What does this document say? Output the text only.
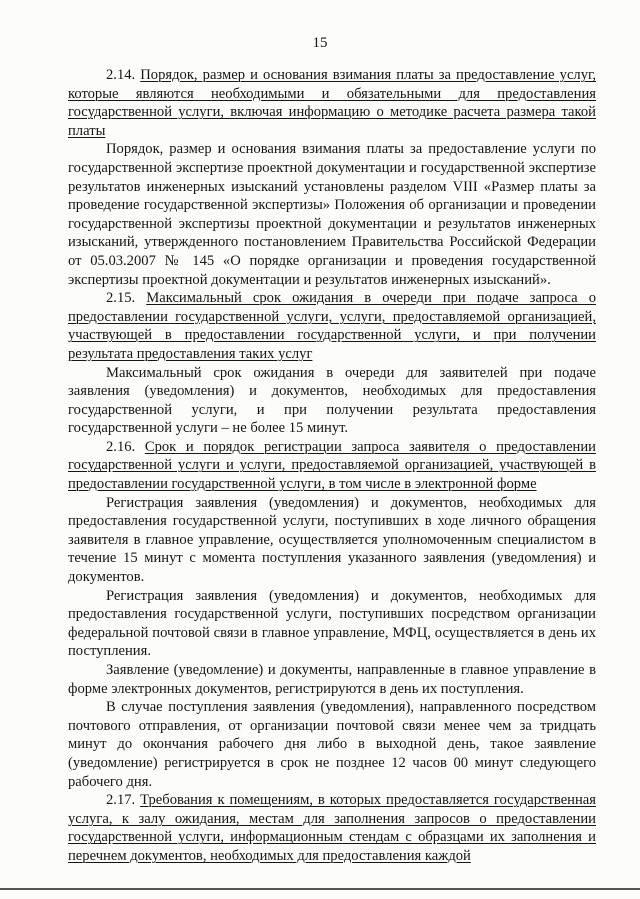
15

2.14. Порядок, размер и основания взимания платы за предоставление услуг, которые являются необходимыми и обязательными для предоставления государственной услуги, включая информацию о методике расчета размера такой платы

Порядок, размер и основания взимания платы за предоставление услуги по государственной экспертизе проектной документации и государственной экспертизе результатов инженерных изысканий установлены разделом VIII «Размер платы за проведение государственной экспертизы» Положения об организации и проведении государственной экспертизы проектной документации и результатов инженерных изысканий, утвержденного постановлением Правительства Российской Федерации от 05.03.2007 № 145 «О порядке организации и проведения государственной экспертизы проектной документации и результатов инженерных изысканий».

2.15. Максимальный срок ожидания в очереди при подаче запроса о предоставлении государственной услуги, услуги, предоставляемой организацией, участвующей в предоставлении государственной услуги, и при получении результата предоставления таких услуг

Максимальный срок ожидания в очереди для заявителей при подаче заявления (уведомления) и документов, необходимых для предоставления государственной услуги, и при получении результата предоставления государственной услуги – не более 15 минут.

2.16. Срок и порядок регистрации запроса заявителя о предоставлении государственной услуги и услуги, предоставляемой организацией, участвующей в предоставлении государственной услуги, в том числе в электронной форме

Регистрация заявления (уведомления) и документов, необходимых для предоставления государственной услуги, поступивших в ходе личного обращения заявителя в главное управление, осуществляется уполномоченным специалистом в течение 15 минут с момента поступления указанного заявления (уведомления) и документов.

Регистрация заявления (уведомления) и документов, необходимых для предоставления государственной услуги, поступивших посредством организации федеральной почтовой связи в главное управление, МФЦ, осуществляется в день их поступления.

Заявление (уведомление) и документы, направленные в главное управление в форме электронных документов, регистрируются в день их поступления.

В случае поступления заявления (уведомления), направленного посредством почтового отправления, от организации почтовой связи менее чем за тридцать минут до окончания рабочего дня либо в выходной день, такое заявление (уведомление) регистрируется в срок не позднее 12 часов 00 минут следующего рабочего дня.

2.17. Требования к помещениям, в которых предоставляется государственная услуга, к залу ожидания, местам для заполнения запросов о предоставлении государственной услуги, информационным стендам с образцами их заполнения и перечнем документов, необходимых для предоставления каждой
